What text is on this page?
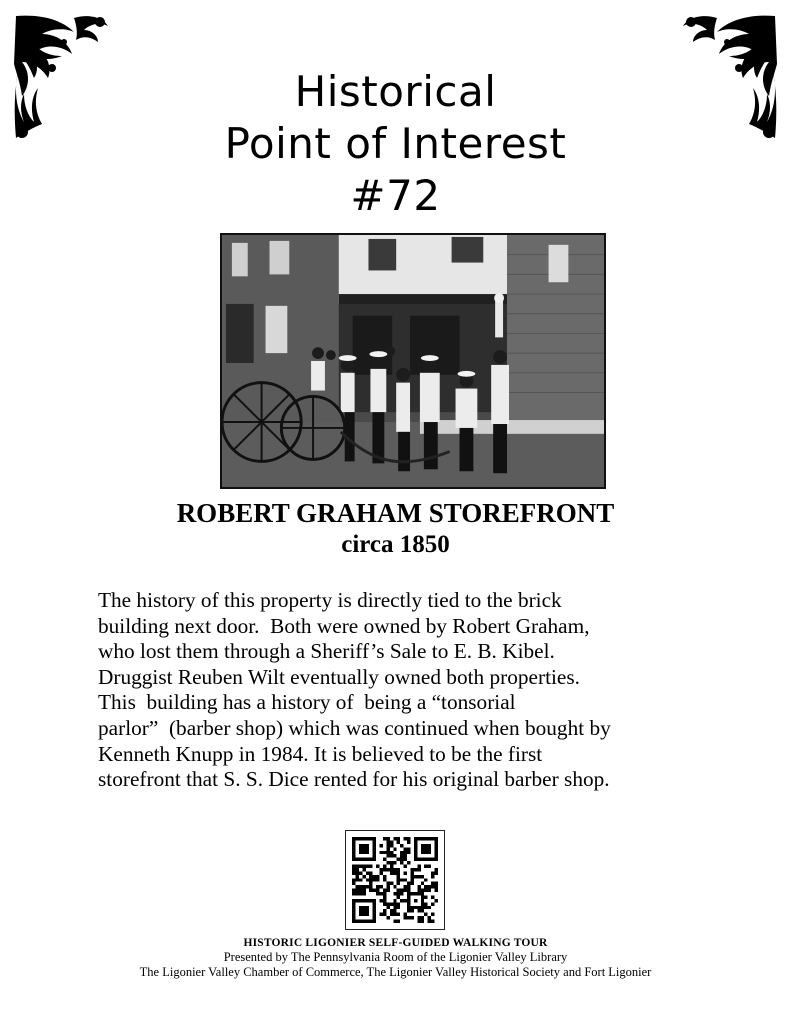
Historical
Point of Interest
#72
ROBERT GRAHAM STOREFRONT
circa 1850
The history of this property is directly tied to the brick
building next door.  Both were owned by Robert Graham,
who lost them through a Sheriff’s Sale to E. B. Kibel.
Druggist Reuben Wilt eventually owned both properties.
This  building has a history of  being a “tonsorial
parlor”  (barber shop) which was continued when bought by
Kenneth Knupp in 1984. It is believed to be the first
storefront that S. S. Dice rented for his original barber shop.
HISTORIC LIGONIER SELF-GUIDED WALKING TOUR
Presented by The Pennsylvania Room of the Ligonier Valley Library
The Ligonier Valley Chamber of Commerce, The Ligonier Valley Historical Society and Fort Ligonier
